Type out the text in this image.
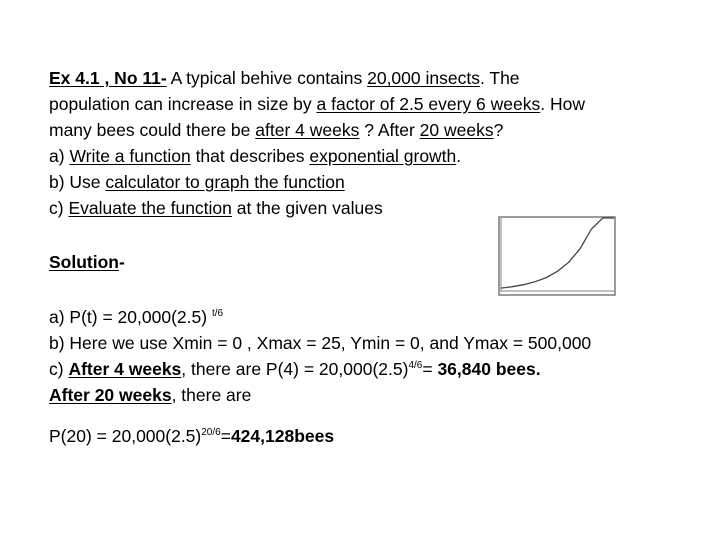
Ex 4.1 , No 11- A typical behive contains 20,000 insects. The
population can increase in size by a factor of 2.5 every 6 weeks. How
many bees could there be after 4 weeks ? After 20 weeks?
a) Write a function that describes exponential growth.
b) Use calculator to graph the function
c) Evaluate the function at the given values
Solution-
a) P(t) = 20,000(2.5) $^{t/6}$
b) Here we use Xmin = 0 , Xmax = 25, Ymin = 0, and Ymax = 500,000
c) After 4 weeks, there are $P(4) = 20,000(2.5)^{4/6}= 36,840$ bees.
After 20 weeks, there are
$P(20) = 20,000(2.5)^{20/6}=424,128bees$
